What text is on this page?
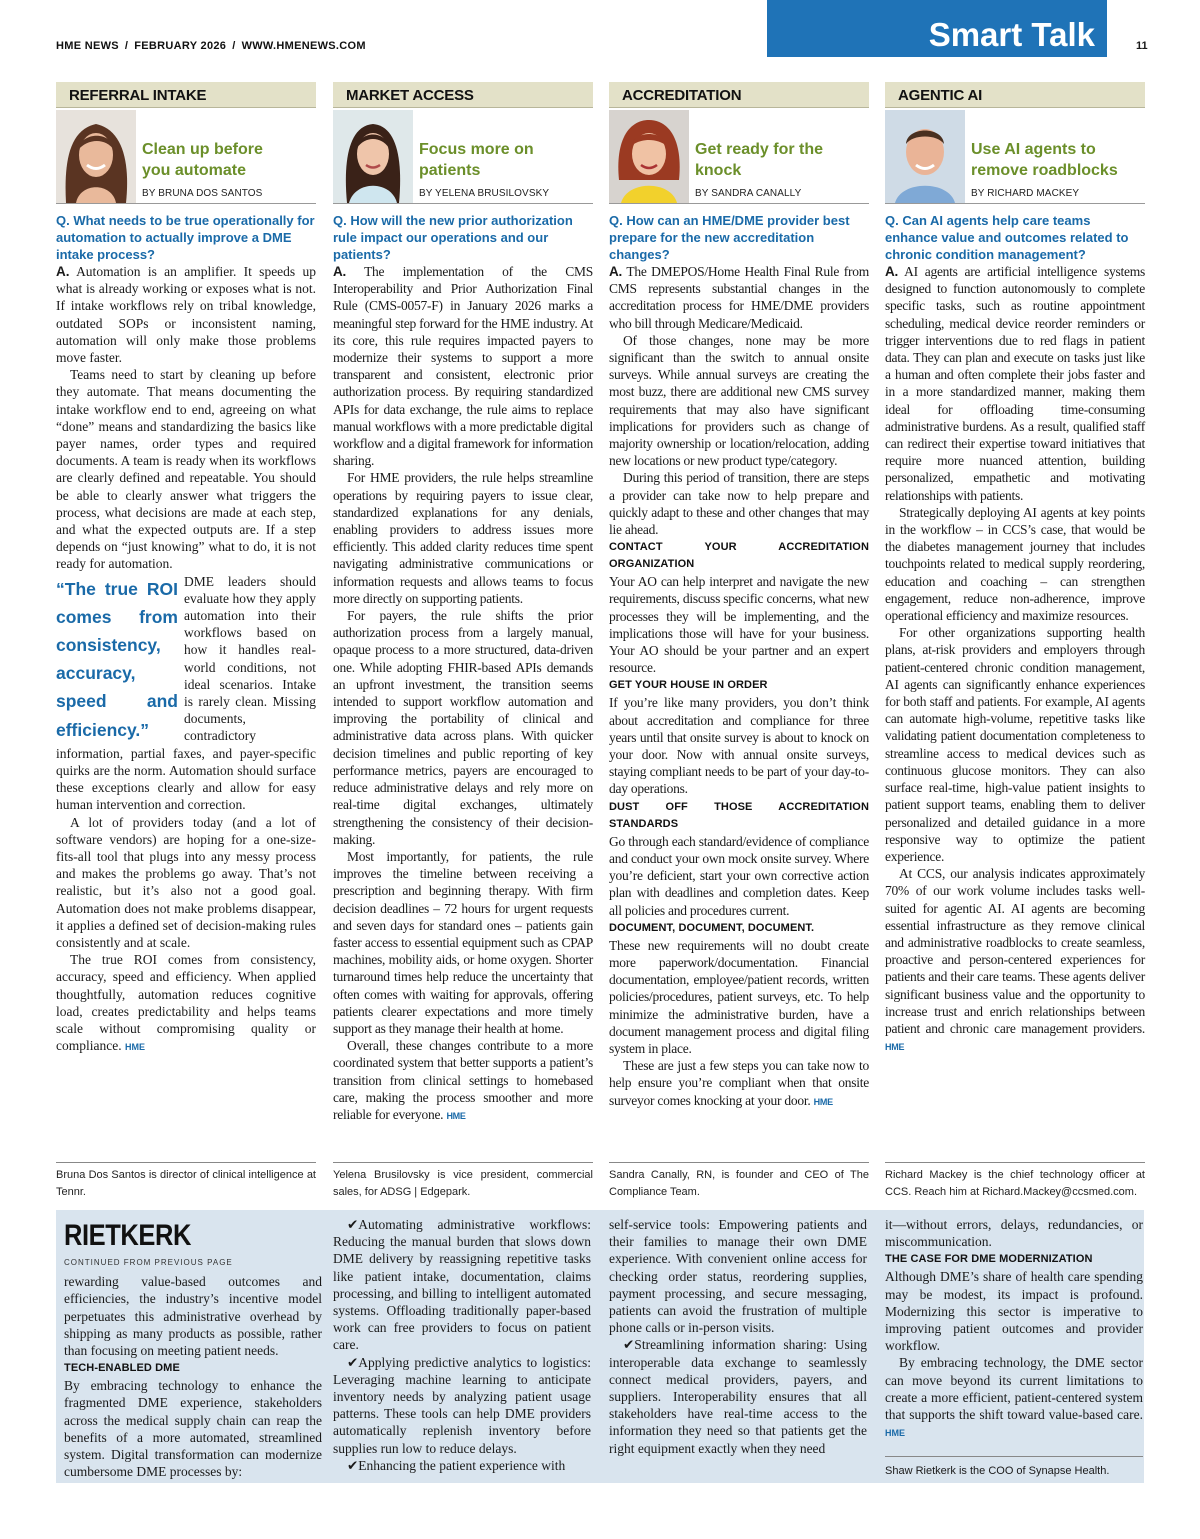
HME NEWS / FEBRUARY 2026 / WWW.HMENEWS.COM	Smart Talk	11
REFERRAL INTAKE
Clean up before you automate
BY BRUNA DOS SANTOS
Q. What needs to be true operationally for automation to actually improve a DME intake process?

A. Automation is an amplifier. It speeds up what is already working or exposes what is not. If intake workflows rely on tribal knowledge, outdated SOPs or inconsistent naming, automation will only make those problems move faster.

Teams need to start by cleaning up before they automate. That means documenting the intake workflow end to end, agreeing on what “done” means and standardizing the basics like payer names, order types and required documents. A team is ready when its workflows are clearly defined and repeatable. You should be able to clearly answer what triggers the process, what decisions are made at each step, and what the expected outputs are. If a step depends on “just knowing” what to do, it is not ready for automation.

“The true ROI comes from consistency, accuracy, speed and efficiency.”

DME leaders should evaluate how they apply automation into their workflows based on how it handles real-world conditions, not ideal scenarios. Intake is rarely clean. Missing documents, contradictory information, partial faxes, and payer-specific quirks are the norm. Automation should surface these exceptions clearly and allow for easy human intervention and correction.

A lot of providers today (and a lot of software vendors) are hoping for a one-size-fits-all tool that plugs into any messy process and makes the problems go away. That’s not realistic, but it’s also not a good goal. Automation does not make problems disappear, it applies a defined set of decision-making rules consistently and at scale.

The true ROI comes from consistency, accuracy, speed and efficiency. When applied thoughtfully, automation reduces cognitive load, creates predictability and helps teams scale without compromising quality or compliance. HME

Bruna Dos Santos is director of clinical intelligence at Tennr.
MARKET ACCESS
Focus more on patients
BY YELENA BRUSILOVSKY
Q. How will the new prior authorization rule impact our operations and our patients?

A. The implementation of the CMS Interoperability and Prior Authorization Final Rule (CMS-0057-F) in January 2026 marks a meaningful step forward for the HME industry. At its core, this rule requires impacted payers to modernize their systems to support a more transparent and consistent, electronic prior authorization process. By requiring standardized APIs for data exchange, the rule aims to replace manual workflows with a more predictable digital workflow and a digital framework for information sharing.

For HME providers, the rule helps streamline operations by requiring payers to issue clear, standardized explanations for any denials, enabling providers to address issues more efficiently. This added clarity reduces time spent navigating administrative communications or information requests and allows teams to focus more directly on supporting patients.

For payers, the rule shifts the prior authorization process from a largely manual, opaque process to a more structured, data-driven one. While adopting FHIR-based APIs demands an upfront investment, the transition seems intended to support workflow automation and improving the portability of clinical and administrative data across plans. With quicker decision timelines and public reporting of key performance metrics, payers are encouraged to reduce administrative delays and rely more on real-time digital exchanges, ultimately strengthening the consistency of their decision-making.

Most importantly, for patients, the rule improves the timeline between receiving a prescription and beginning therapy. With firm decision deadlines – 72 hours for urgent requests and seven days for standard ones – patients gain faster access to essential equipment such as CPAP machines, mobility aids, or home oxygen. Shorter turnaround times help reduce the uncertainty that often comes with waiting for approvals, offering patients clearer expectations and more timely support as they manage their health at home.

Overall, these changes contribute to a more coordinated system that better supports a patient’s transition from clinical settings to homebased care, making the process smoother and more reliable for everyone. HME

Yelena Brusilovsky is vice president, commercial sales, for ADSG | Edgepark.
ACCREDITATION
Get ready for the knock
BY SANDRA CANALLY
Q. How can an HME/DME provider best prepare for the new accreditation changes?

A. The DMEPOS/Home Health Final Rule from CMS represents substantial changes in the accreditation process for HME/DME providers who bill through Medicare/Medicaid.

Of those changes, none may be more significant than the switch to annual onsite surveys. While annual surveys are creating the most buzz, there are additional new CMS survey requirements that may also have significant implications for providers such as change of majority ownership or location/relocation, adding new locations or new product type/category.

During this period of transition, there are steps a provider can take now to help prepare and quickly adapt to these and other changes that may lie ahead.

CONTACT YOUR ACCREDITATION ORGANIZATION

Your AO can help interpret and navigate the new requirements, discuss specific concerns, what new processes they will be implementing, and the implications those will have for your business. Your AO should be your partner and an expert resource.

GET YOUR HOUSE IN ORDER

If you’re like many providers, you don’t think about accreditation and compliance for three years until that onsite survey is about to knock on your door. Now with annual onsite surveys, staying compliant needs to be part of your day-to-day operations.

DUST OFF THOSE ACCREDITATION STANDARDS

Go through each standard/evidence of compliance and conduct your own mock onsite survey. Where you’re deficient, start your own corrective action plan with deadlines and completion dates. Keep all policies and procedures current.

DOCUMENT, DOCUMENT, DOCUMENT.

These new requirements will no doubt create more paperwork/documentation. Financial documentation, employee/patient records, written policies/procedures, patient surveys, etc. To help minimize the administrative burden, have a document management process and digital filing system in place.

These are just a few steps you can take now to help ensure you’re compliant when that onsite surveyor comes knocking at your door. HME

Sandra Canally, RN, is founder and CEO of The Compliance Team.
AGENTIC AI
Use AI agents to remove roadblocks
BY RICHARD MACKEY
Q. Can AI agents help care teams enhance value and outcomes related to chronic condition management?

A. AI agents are artificial intelligence systems designed to function autonomously to complete specific tasks, such as routine appointment scheduling, medical device reorder reminders or trigger interventions due to red flags in patient data. They can plan and execute on tasks just like a human and often complete their jobs faster and in a more standardized manner, making them ideal for offloading time-consuming administrative burdens. As a result, qualified staff can redirect their expertise toward initiatives that require more nuanced attention, building personalized, empathetic and motivating relationships with patients.

Strategically deploying AI agents at key points in the workflow – in CCS’s case, that would be the diabetes management journey that includes touchpoints related to medical supply reordering, education and coaching – can strengthen engagement, reduce non-adherence, improve operational efficiency and maximize resources.

For other organizations supporting health plans, at-risk providers and employers through patient-centered chronic condition management, AI agents can significantly enhance experiences for both staff and patients. For example, AI agents can automate high-volume, repetitive tasks like validating patient documentation completeness to streamline access to medical devices such as continuous glucose monitors. They can also surface real-time, high-value patient insights to patient support teams, enabling them to deliver personalized and detailed guidance in a more responsive way to optimize the patient experience.

At CCS, our analysis indicates approximately 70% of our work volume includes tasks well-suited for agentic AI. AI agents are becoming essential infrastructure as they remove clinical and administrative roadblocks to create seamless, proactive and person-centered experiences for patients and their care teams. These agents deliver significant business value and the opportunity to increase trust and enrich relationships between patient and chronic care management providers. HME

Richard Mackey is the chief technology officer at CCS. Reach him at Richard.Mackey@ccsmed.com.
RIETKERK
CONTINUED FROM PREVIOUS PAGE

rewarding value-based outcomes and efficiencies, the industry’s incentive model perpetuates this administrative overhead by shipping as many products as possible, rather than focusing on meeting patient needs.

TECH-ENABLED DME

By embracing technology to enhance the fragmented DME experience, stakeholders across the medical supply chain can reap the benefits of a more automated, streamlined system. Digital transformation can modernize cumbersome DME processes by:

✔Automating administrative workflows: Reducing the manual burden that slows down DME delivery by reassigning repetitive tasks like patient intake, documentation, claims processing, and billing to intelligent automated systems. Offloading traditionally paper-based work can free providers to focus on patient care.

✔Applying predictive analytics to logistics: Leveraging machine learning to anticipate inventory needs by analyzing patient usage patterns. These tools can help DME providers automatically replenish inventory before supplies run low to reduce delays.

✔Enhancing the patient experience with

self-service tools: Empowering patients and their families to manage their own DME experience. With convenient online access for checking order status, reordering supplies, payment processing, and secure messaging, patients can avoid the frustration of multiple phone calls or in-person visits.

✔Streamlining information sharing: Using interoperable data exchange to seamlessly connect medical providers, payers, and suppliers. Interoperability ensures that all stakeholders have real-time access to the information they need so that patients get the right equipment exactly when they need

it—without errors, delays, redundancies, or miscommunication.

THE CASE FOR DME MODERNIZATION

Although DME’s share of health care spending may be modest, its impact is profound. Modernizing this sector is imperative to improving patient outcomes and provider workflow.

By embracing technology, the DME sector can move beyond its current limitations to create a more efficient, patient-centered system that supports the shift toward value-based care. HME

Shaw Rietkerk is the COO of Synapse Health.
